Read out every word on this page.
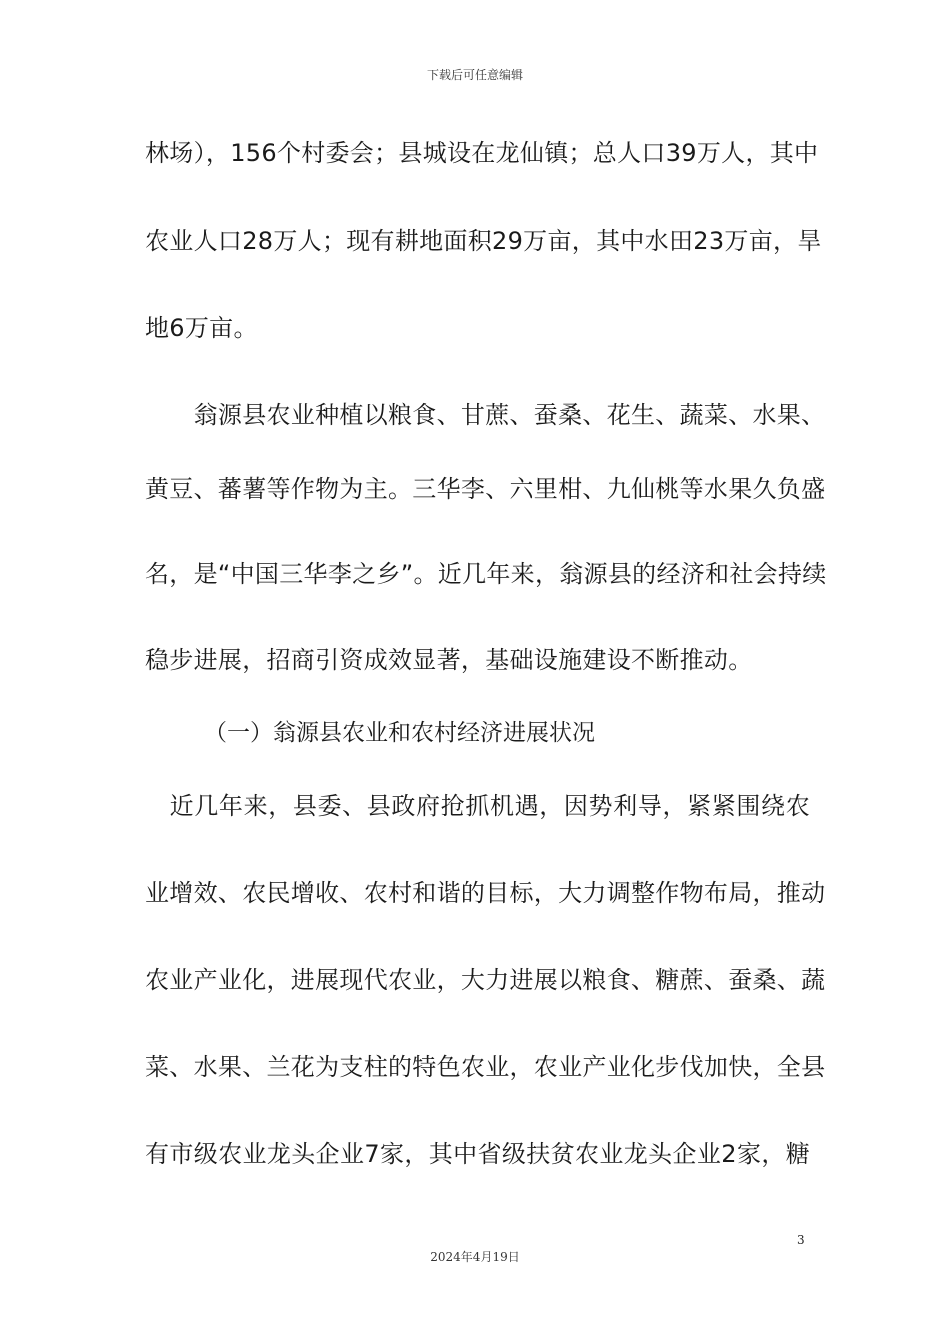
下载后可任意编辑
林场），156个村委会；县城设在龙仙镇；总人口39万人，其中
农业人口28万人；现有耕地面积29万亩，其中水田23万亩，旱
地6万亩。
　　翁源县农业种植以粮食、甘蔗、蚕桑、花生、蔬菜、水果、
黄豆、蕃薯等作物为主。三华李、六里柑、九仙桃等水果久负盛
名，是“中国三华李之乡”。近几年来，翁源县的经济和社会持续
稳步进展，招商引资成效显著，基础设施建设不断推动。
（一）翁源县农业和农村经济进展状况
　近几年来，县委、县政府抢抓机遇，因势利导，紧紧围绕农
业增效、农民增收、农村和谐的目标，大力调整作物布局，推动
农业产业化，进展现代农业，大力进展以粮食、糖蔗、蚕桑、蔬
菜、水果、兰花为支柱的特色农业，农业产业化步伐加快，全县
有市级农业龙头企业7家，其中省级扶贫农业龙头企业2家，糖
3
2024年4月19日
